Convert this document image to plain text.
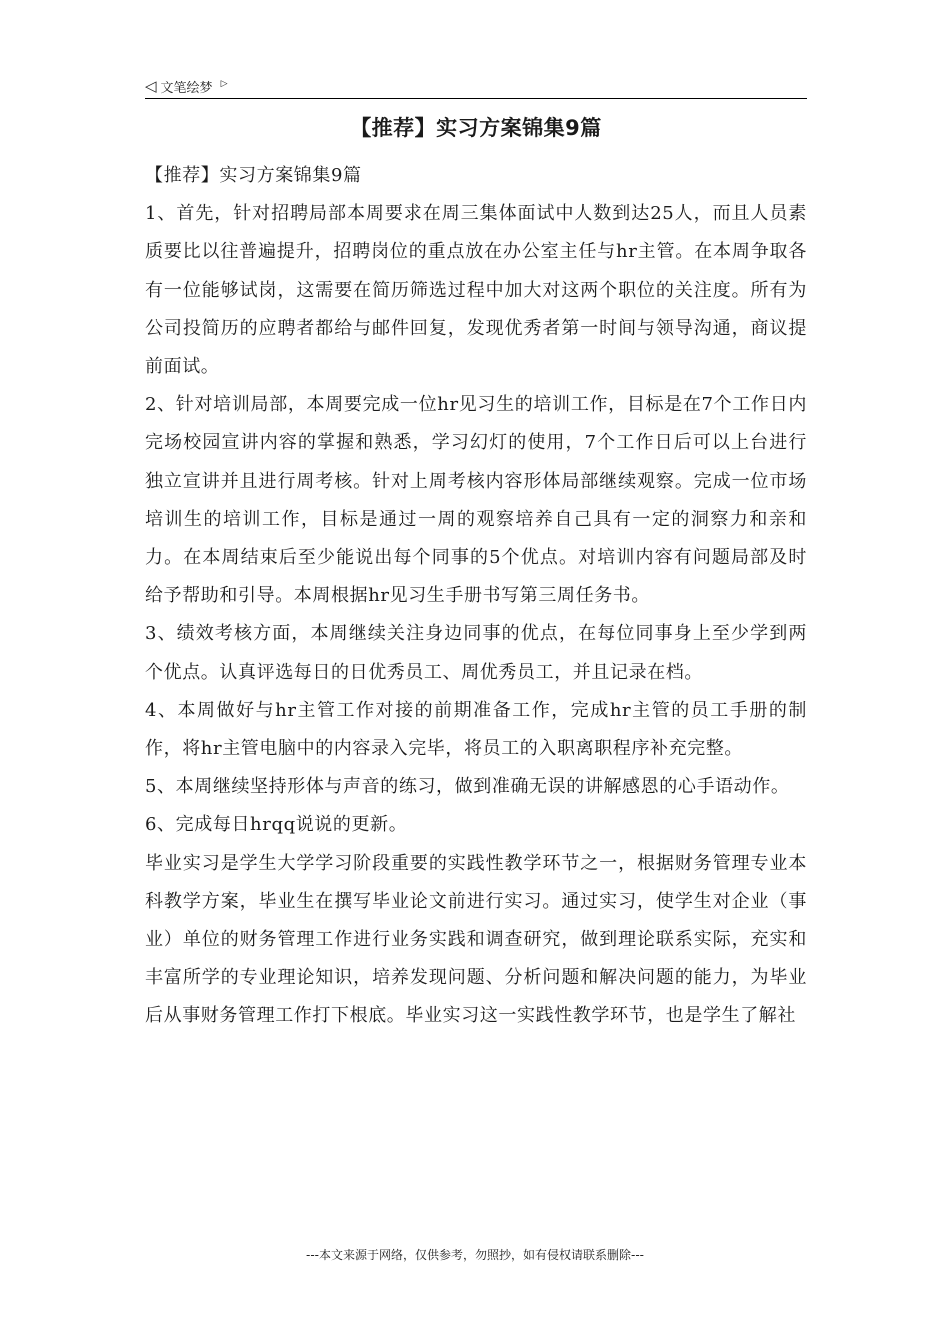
◁ 文笔绘梦 ▷
【推荐】实习方案锦集9篇

【推荐】实习方案锦集9篇

1、首先，针对招聘局部本周要求在周三集体面试中人数到达25人，而且人员素质要比以往普遍提升，招聘岗位的重点放在办公室主任与hr主管。在本周争取各有一位能够试岗，这需要在简历筛选过程中加大对这两个职位的关注度。所有为公司投简历的应聘者都给与邮件回复，发现优秀者第一时间与领导沟通，商议提前面试。

2、针对培训局部，本周要完成一位hr见习生的培训工作，目标是在7个工作日内完场校园宣讲内容的掌握和熟悉，学习幻灯的使用，7个工作日后可以上台进行独立宣讲并且进行周考核。针对上周考核内容形体局部继续观察。完成一位市场培训生的培训工作，目标是通过一周的观察培养自己具有一定的洞察力和亲和力。在本周结束后至少能说出每个同事的5个优点。对培训内容有问题局部及时给予帮助和引导。本周根据hr见习生手册书写第三周任务书。

3、绩效考核方面，本周继续关注身边同事的优点，在每位同事身上至少学到两个优点。认真评选每日的日优秀员工、周优秀员工，并且记录在档。

4、本周做好与hr主管工作对接的前期准备工作，完成hr主管的员工手册的制作，将hr主管电脑中的内容录入完毕，将员工的入职离职程序补充完整。

5、本周继续坚持形体与声音的练习，做到准确无误的讲解感恩的心手语动作。

6、完成每日hrqq说说的更新。

毕业实习是学生大学学习阶段重要的实践性教学环节之一，根据财务管理专业本科教学方案，毕业生在撰写毕业论文前进行实习。通过实习，使学生对企业（事业）单位的财务管理工作进行业务实践和调查研究，做到理论联系实际，充实和丰富所学的专业理论知识，培养发现问题、分析问题和解决问题的能力，为毕业后从事财务管理工作打下根底。毕业实习这一实践性教学环节，也是学生了解社

---本文来源于网络，仅供参考，勿照抄，如有侵权请联系删除---
